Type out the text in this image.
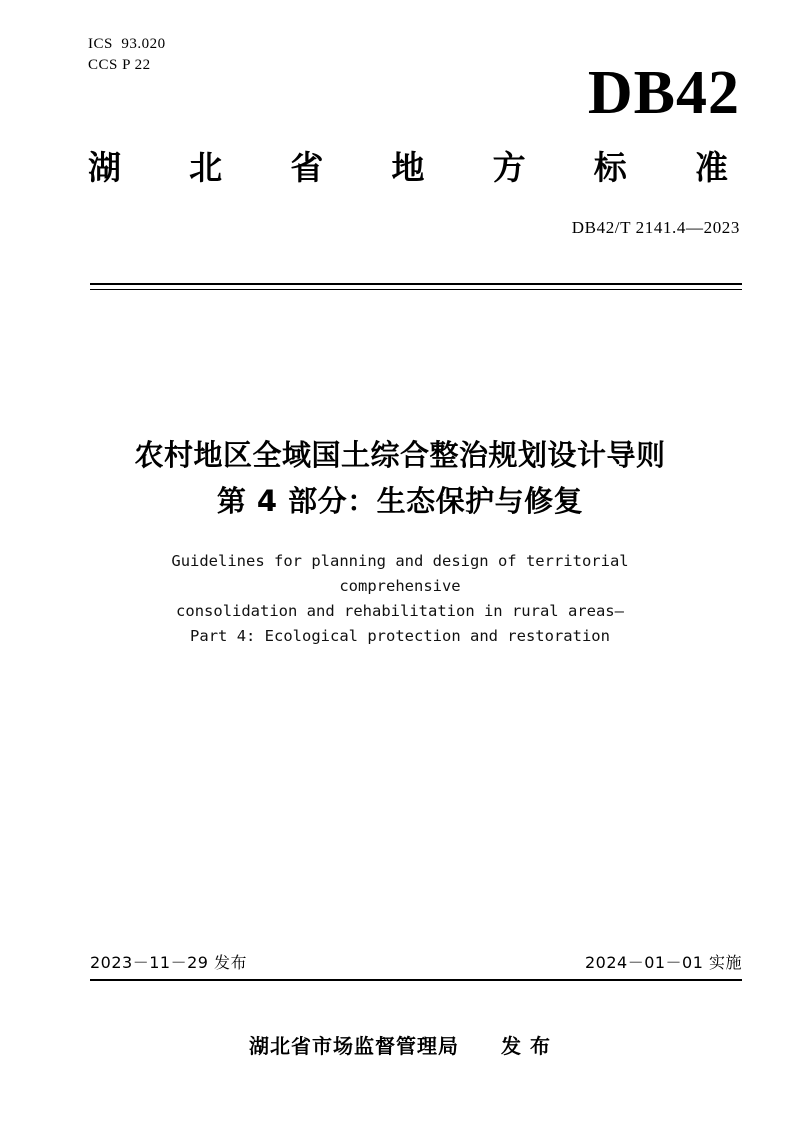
ICS  93.020
CCS P 22	DB42
湖 北 省 地 方 标 准
DB42/T 2141.4—2023
农村地区全域国土综合整治规划设计导则
第 4 部分：生态保护与修复
Guidelines for planning and design of territorial comprehensive
consolidation and rehabilitation in rural areas—
Part 4: Ecological protection and restoration
2023－11－29 发布	2024－01－01 实施
湖北省市场监督管理局 发 布
